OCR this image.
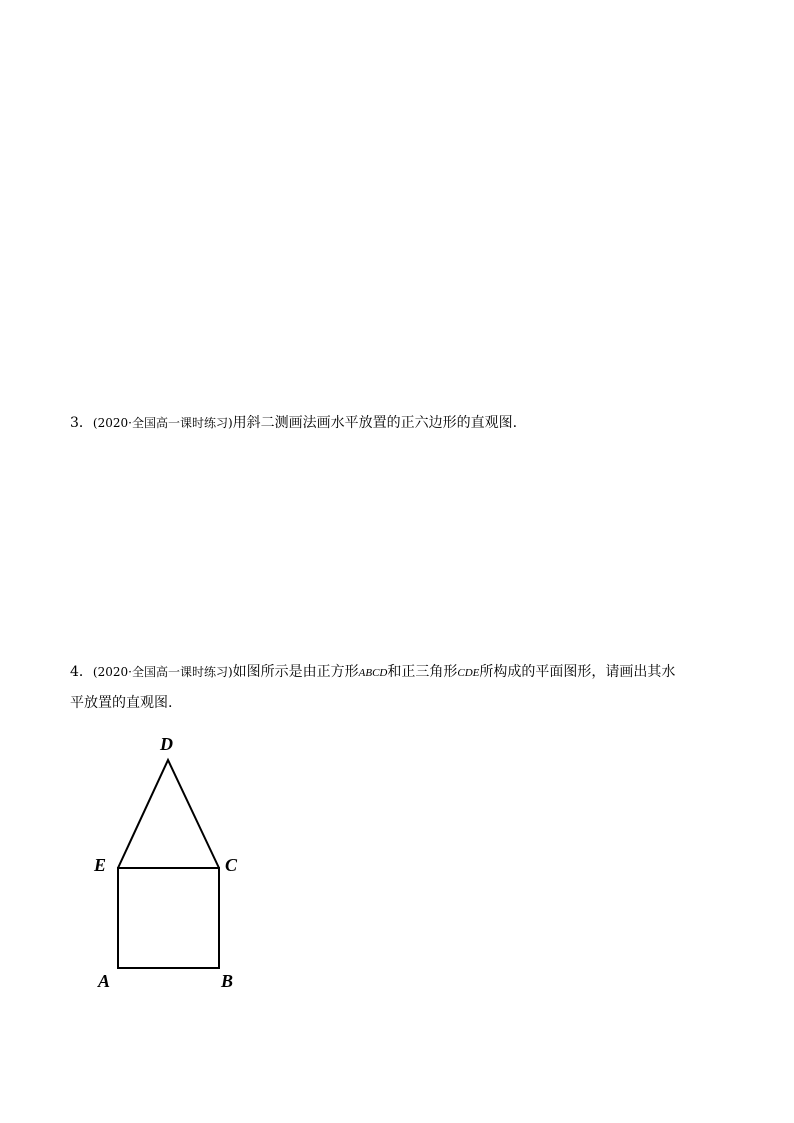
3．(2020·全国高一课时练习)用斜二测画法画水平放置的正六边形的直观图.
4．(2020·全国高一课时练习)如图所示是由正方形ABCD和正三角形CDE所构成的平面图形，请画出其水
平放置的直观图.
D
E	C
A	B
